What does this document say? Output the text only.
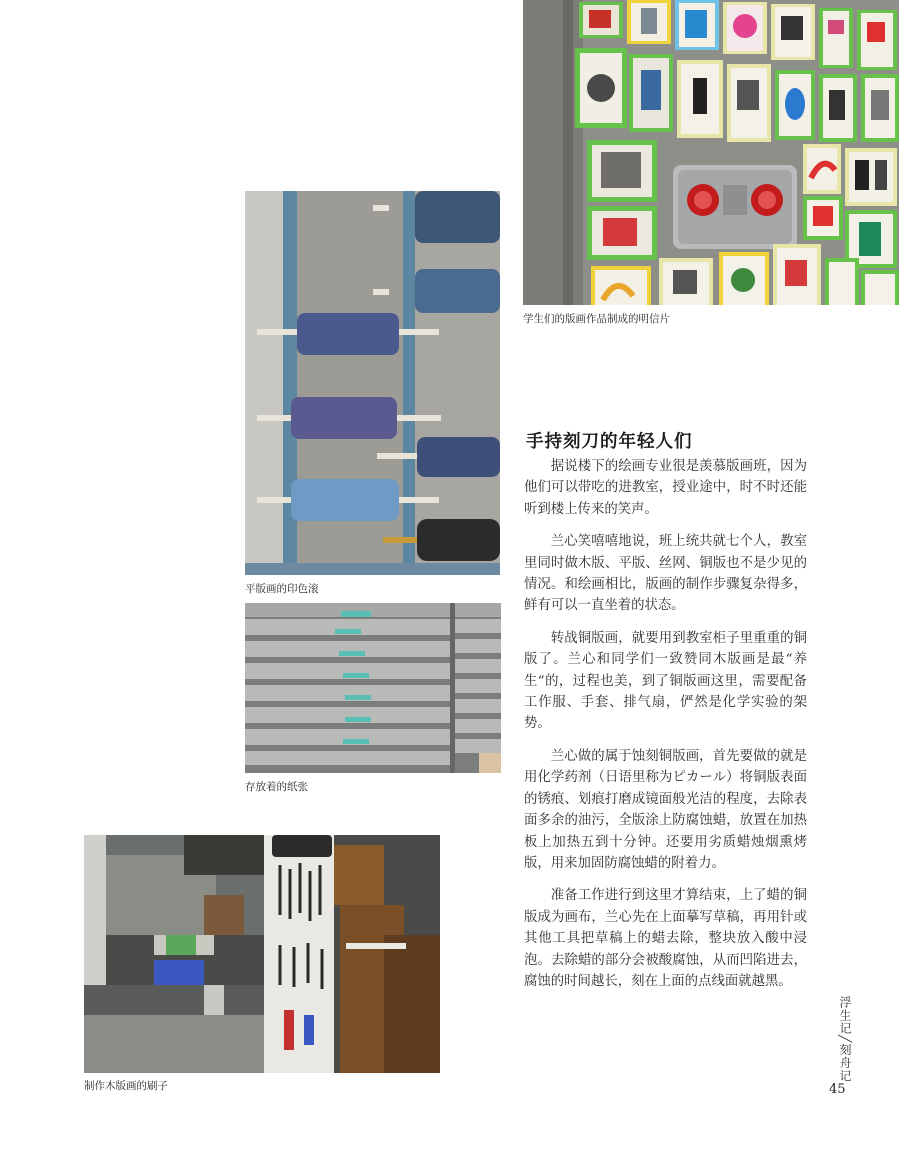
学生们的版画作品制成的明信片
平版画的印色滚
存放着的纸张
制作木版画的刷子
手持刻刀的年轻人们

据说楼下的绘画专业很是羡慕版画班，因为他们可以带吃的进教室，授业途中，时不时还能听到楼上传来的笑声。

兰心笑嘻嘻地说，班上统共就七个人，教室里同时做木版、平版、丝网、铜版也不是少见的情况。和绘画相比，版画的制作步骤复杂得多，鲜有可以一直坐着的状态。

转战铜版画，就要用到教室柜子里重重的铜版了。兰心和同学们一致赞同木版画是最“养生”的，过程也美，到了铜版画这里，需要配备工作服、手套、排气扇，俨然是化学实验的架势。

兰心做的属于蚀刻铜版画，首先要做的就是用化学药剂（日语里称为ピカール）将铜版表面的锈痕、划痕打磨成镜面般光洁的程度，去除表面多余的油污，全版涂上防腐蚀蜡，放置在加热板上加热五到十分钟。还要用劣质蜡烛烟熏烤版，用来加固防腐蚀蜡的附着力。

准备工作进行到这里才算结束，上了蜡的铜版成为画布，兰心先在上面摹写草稿，再用针或其他工具把草稿上的蜡去除，整块放入酸中浸泡。去除蜡的部分会被酸腐蚀，从而凹陷进去，腐蚀的时间越长，刻在上面的点线面就越黑。

浮生记╱刻舟记
45
